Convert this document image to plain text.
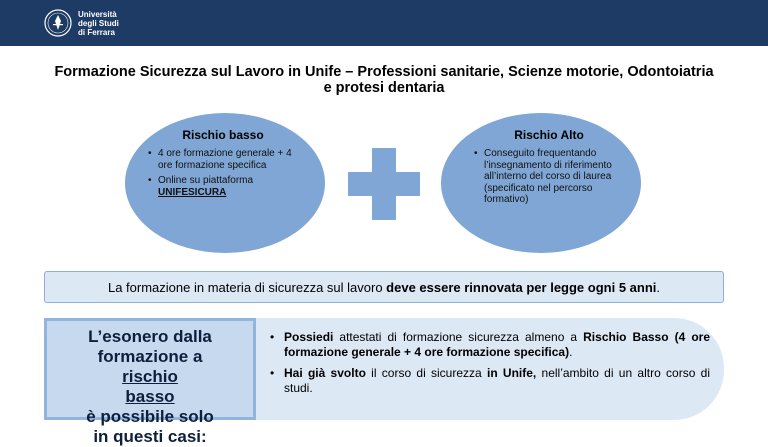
Università
degli Studi
di Ferrara
Formazione Sicurezza sul Lavoro in Unife – Professioni sanitarie, Scienze motorie, Odontoiatria
e protesi dentaria
Rischio basso
• 4 ore formazione generale + 4 ore formazione specifica
• Online su piattaforma
UNIFESICURA
Rischio Alto
• Conseguito frequentando l’insegnamento di riferimento all’interno del corso di laurea (specificato nel percorso formativo)
La formazione in materia di sicurezza sul lavoro deve essere rinnovata per legge ogni 5 anni.
L’esonero dalla
formazione a
rischio
basso
è possibile solo
in questi casi:
• Possiedi attestati di formazione sicurezza almeno a Rischio Basso (4 ore formazione generale + 4 ore formazione specifica).
• Hai già svolto il corso di sicurezza in Unife, nell’ambito di un altro corso di studi.
